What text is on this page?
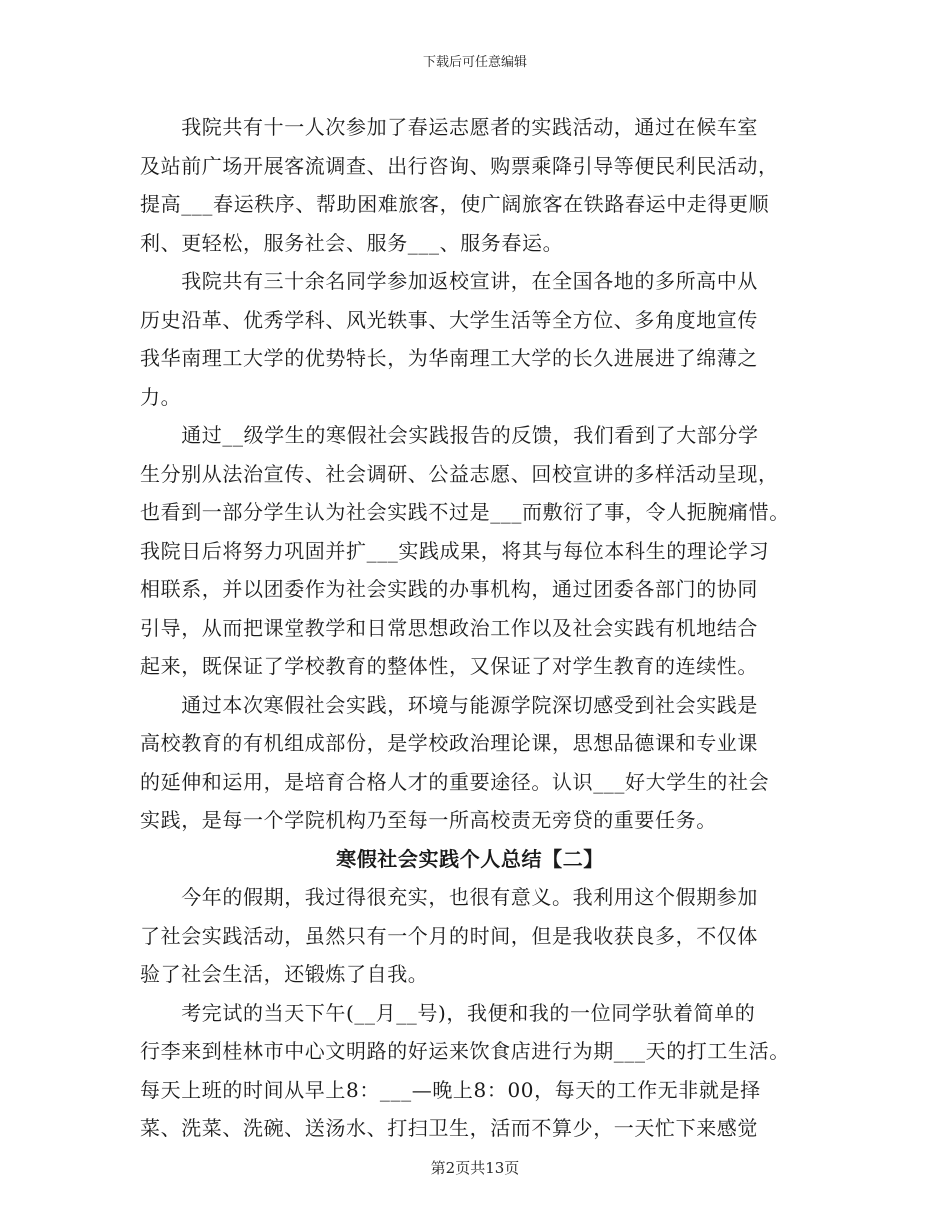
下载后可任意编辑
　　我院共有十一人次参加了春运志愿者的实践活动，通过在候车室
及站前广场开展客流调查、出行咨询、购票乘降引导等便民利民活动，
提高___春运秩序、帮助困难旅客，使广阔旅客在铁路春运中走得更顺
利、更轻松，服务社会、服务___、服务春运。
　　我院共有三十余名同学参加返校宣讲，在全国各地的多所高中从
历史沿革、优秀学科、风光轶事、大学生活等全方位、多角度地宣传
我华南理工大学的优势特长，为华南理工大学的长久进展进了绵薄之
力。
　　通过__级学生的寒假社会实践报告的反馈，我们看到了大部分学
生分别从法治宣传、社会调研、公益志愿、回校宣讲的多样活动呈现，
也看到一部分学生认为社会实践不过是___而敷衍了事，令人扼腕痛惜。
我院日后将努力巩固并扩___实践成果，将其与每位本科生的理论学习
相联系，并以团委作为社会实践的办事机构，通过团委各部门的协同
引导，从而把课堂教学和日常思想政治工作以及社会实践有机地结合
起来，既保证了学校教育的整体性，又保证了对学生教育的连续性。
　　通过本次寒假社会实践，环境与能源学院深切感受到社会实践是
高校教育的有机组成部份，是学校政治理论课，思想品德课和专业课
的延伸和运用，是培育合格人才的重要途径。认识___好大学生的社会
实践，是每一个学院机构乃至每一所高校责无旁贷的重要任务。
寒假社会实践个人总结【二】
　　今年的假期，我过得很充实，也很有意义。我利用这个假期参加
了社会实践活动，虽然只有一个月的时间，但是我收获良多，不仅体
验了社会生活，还锻炼了自我。
　　考完试的当天下午(__月__号)，我便和我的一位同学驮着简单的
行李来到桂林市中心文明路的好运来饮食店进行为期___天的打工生活。
每天上班的时间从早上8：___—晚上8：00，每天的工作无非就是择
菜、洗菜、洗碗、送汤水、打扫卫生，活而不算少，一天忙下来感觉
第2页共13页
